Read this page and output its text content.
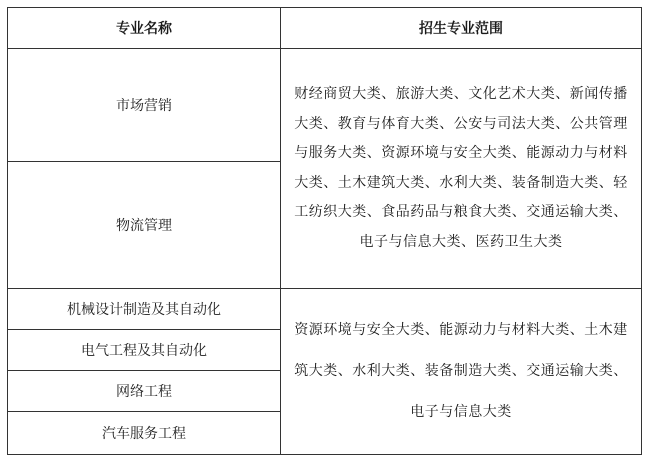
专业名称	招生专业范围
市场营销	财经商贸大类、旅游大类、文化艺术大类、新闻传播大类、教育与体育大类、公安与司法大类、公共管理与服务大类、资源环境与安全大类、能源动力与材料大类、土木建筑大类、水利大类、装备制造大类、轻工纺织大类、食品药品与粮食大类、交通运输大类、电子与信息大类、医药卫生大类

物流管理	
机械设计制造及其自动化	资源环境与安全大类、能源动力与材料大类、土木建筑大类、水利大类、装备制造大类、交通运输大类、电子与信息大类

电气工程及其自动化	
网络工程	
汽车服务工程	
